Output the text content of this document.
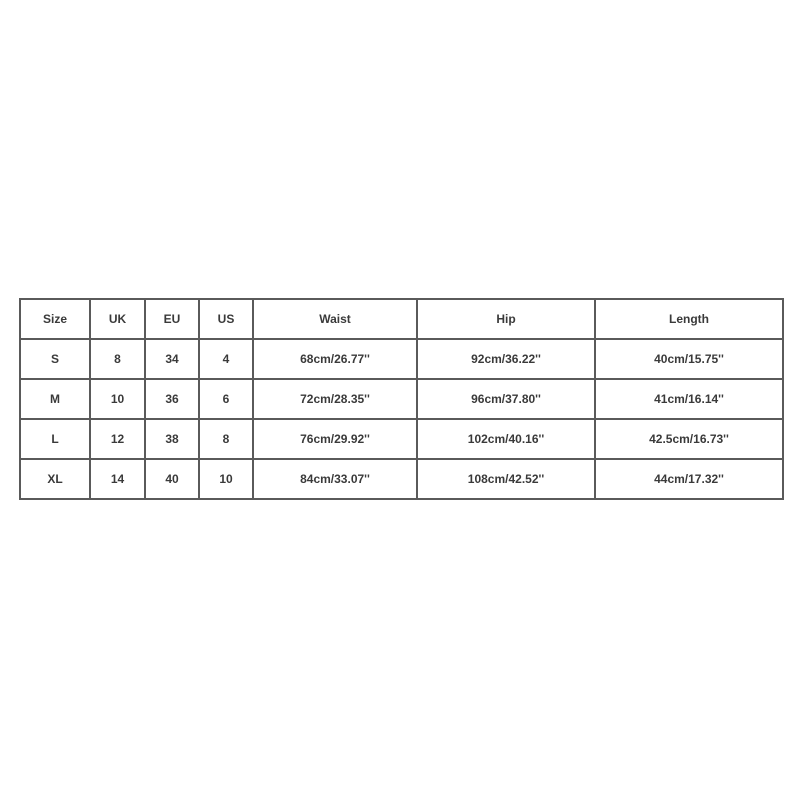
Size	UK	EU	US	Waist	Hip	Length
S	8	34	4	68cm/26.77''	92cm/36.22''	40cm/15.75''
M	10	36	6	72cm/28.35''	96cm/37.80''	41cm/16.14''
L	12	38	8	76cm/29.92''	102cm/40.16''	42.5cm/16.73''
XL	14	40	10	84cm/33.07''	108cm/42.52''	44cm/17.32''
